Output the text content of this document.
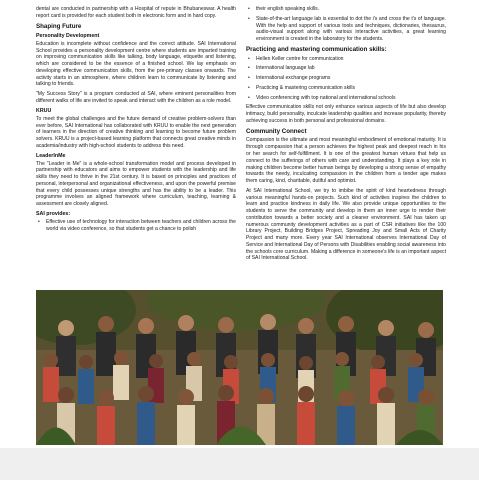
dental are conducted in partnership with a Hospital of repute in Bhubaneswar. A health report card is provided for each student both in electronic form and in hard copy.

Shaping Future
Personality Development

Education is incomplete without confidence and the correct attitude. SAI International School provides a personality development centre where students are imparted training on improving communication skills like talking, body language, etiquette and listening, which are considered to be the essence of a finished school. We lay emphasis on developing effective communication skills, from the pre-primary classes onwards. The activity starts in an atmosphere, where children learn to communicate by listening and talking to friends.

"My Success Story" is a program conducted at SAI, where eminent personalities from different walks of life are invited to speak and interact with the children as a role model.

KRUU

To meet the global challenges and the future demand of creative problem-solvers than ever before, SAI International has collaborated with KRUU to enable the next generation of learners in the direction of creative thinking and learning to become future problem solvers. KRUU is a project-based learning platform that connects great creative minds in academia/industry with high-school students to address this need.

LeaderInMe

The "Leader in Me" is a whole-school transformation model and process developed in partnership with educators and aims to empower students with the leadership and life skills they need to thrive in the 21st century. It is based on principles and practices of personal, interpersonal and organizational effectiveness, and upon the powerful premise that every child possesses unique strengths and has the ability to be a leader. This programme involves an aligned framework where curriculum, teaching, learning & assessment are closely aligned.

SAI provides:
• Effective use of technology for interaction between teachers and children across the world via video conference, so that students get a chance to polish
• their english speaking skills.
• State-of-the-art language lab is essential to dot the i's and cross the t's of language. With the help and support of various tools and techniques, dictionaries, thesaurus, audio-visual support along with various interactive activities, a great learning environment is created in the laboratory for the students.
Practicing and mastering communication skills:
• Hellen Keller centre for communication
• International language lab
• International exchange programs
• Practicing & mastering communication skills
• Video conferencing with top national and international schools

Effective communication skills not only enhance various aspects of life but also develop intimacy, build personality, inculcate leadership qualities and increase popularity, thereby achieving success in both personal and professional domains.

Community Connect

Compassion is the ultimate and most meaningful embodiment of emotional maturity. It is through compassion that a person achieves the highest peak and deepest reach in his or her search for self-fulfillment. It is one of the greatest human virtues that help us connect to the sufferings of others with care and understanding. It plays a key role in making children become better human beings by developing a strong sense of empathy towards the needy, inculcating compassion in the children from a tender age makes them caring, kind, charitable, dutiful and optimist.

At SAI International School, we try to imbibe the spirit of kind heartedness through various meaningful hands-on projects. Such kind of activities inspires the children to learn and practice kindness in daily life. We also provide unique opportunities to the students to serve the community and develop in them an inner urge to render their contribution towards a better society and a cleaner environment. SAI has taken up numerous community development activities as a part of CSR initiatives like the 100 Library Project, Building Bridges Project, Spreading Joy and Small Acts of Charity Project and many more. Every year SAI International observes International Day of Service and International Day of Persons with Disabilities enabling social awareness into the schools core curriculum. Making a difference in someone's life is an important aspect of SAI International School.
